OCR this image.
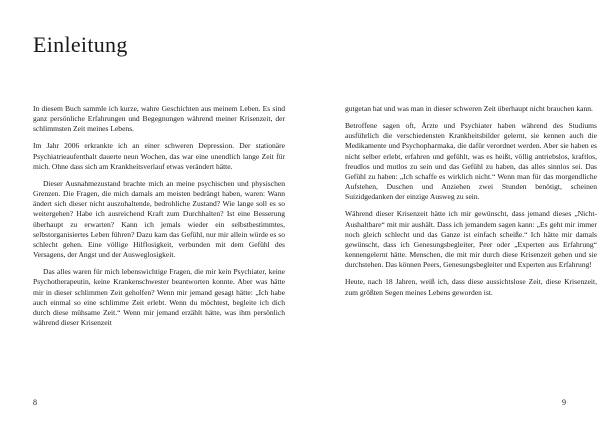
Einleitung

In diesem Buch sammle ich kurze, wahre Geschichten aus meinem Leben. Es sind ganz persönliche Erfahrungen und Begegnungen während meiner Krisenzeit, der schlimmsten Zeit meines Lebens.

Im Jahr 2006 erkrankte ich an einer schweren Depression. Der stationäre Psychiatrieaufenthalt dauerte neun Wochen, das war eine unendlich lange Zeit für mich. Ohne dass sich am Krankheitsverlauf etwas verändert hätte.

Dieser Ausnahmezustand brachte mich an meine psychischen und physischen Grenzen. Die Fragen, die mich damals am meisten bedrängt haben, waren: Wann ändert sich dieser nicht auszuhaltende, bedrohliche Zustand? Wie lange soll es so weitergehen? Habe ich ausreichend Kraft zum Durchhalten? Ist eine Besserung überhaupt zu erwarten? Kann ich jemals wieder ein selbstbestimmtes, selbstorganisiertes Leben führen? Dazu kam das Gefühl, nur mir allein würde es so schlecht gehen. Eine völlige Hilflosigkeit, verbunden mit dem Gefühl des Versagens, der Angst und der Ausweglosigkeit.

Das alles waren für mich lebenswichtige Fragen, die mir kein Psychiater, keine Psychotherapeutin, keine Krankenschwester beantworten konnte. Aber was hätte mir in dieser schlimmen Zeit geholfen? Wenn mir jemand gesagt hätte: „Ich habe auch einmal so eine schlimme Zeit erlebt. Wenn du möchtest, begleite ich dich durch diese mühsame Zeit.“ Wenn mir jemand erzählt hätte, was ihm persönlich während dieser Krisenzeit

8

gutgetan hat und was man in dieser schweren Zeit überhaupt nicht brauchen kann.

Betroffene sagen oft, Ärzte und Psychiater haben während des Studiums ausführlich die verschiedensten Krankheitsbilder gelernt, sie kennen auch die Medikamente und Psychopharmaka, die dafür verordnet werden. Aber sie haben es nicht selber erlebt, erfahren und gefühlt, was es heißt, völlig antriebslos, kraftlos, freudlos und mutlos zu sein und das Gefühl zu haben, das alles sinnlos sei. Das Gefühl zu haben: „Ich schaffe es wirklich nicht.“ Wenn man für das morgendliche Aufstehen, Duschen und Anziehen zwei Stunden benötigt, scheinen Suizidgedanken der einzige Ausweg zu sein.

Während dieser Krisenzeit hätte ich mir gewünscht, dass jemand dieses „Nicht-Aushaltbare“ mit mir aushält. Dass ich jemandem sagen kann: „Es geht mir immer noch gleich schlecht und das Ganze ist einfach scheiße.“ Ich hätte mir damals gewünscht, dass ich Genesungsbegleiter, Peer oder „Experten aus Erfahrung“ kennengelernt hätte. Menschen, die mit mir durch diese Krisenzeit gehen und sie durchstehen. Das können Peers, Genesungsbegleiter und Experten aus Erfahrung!

Heute, nach 18 Jahren, weiß ich, dass diese aussichtslose Zeit, diese Krisenzeit, zum größten Segen meines Lebens geworden ist.

9
